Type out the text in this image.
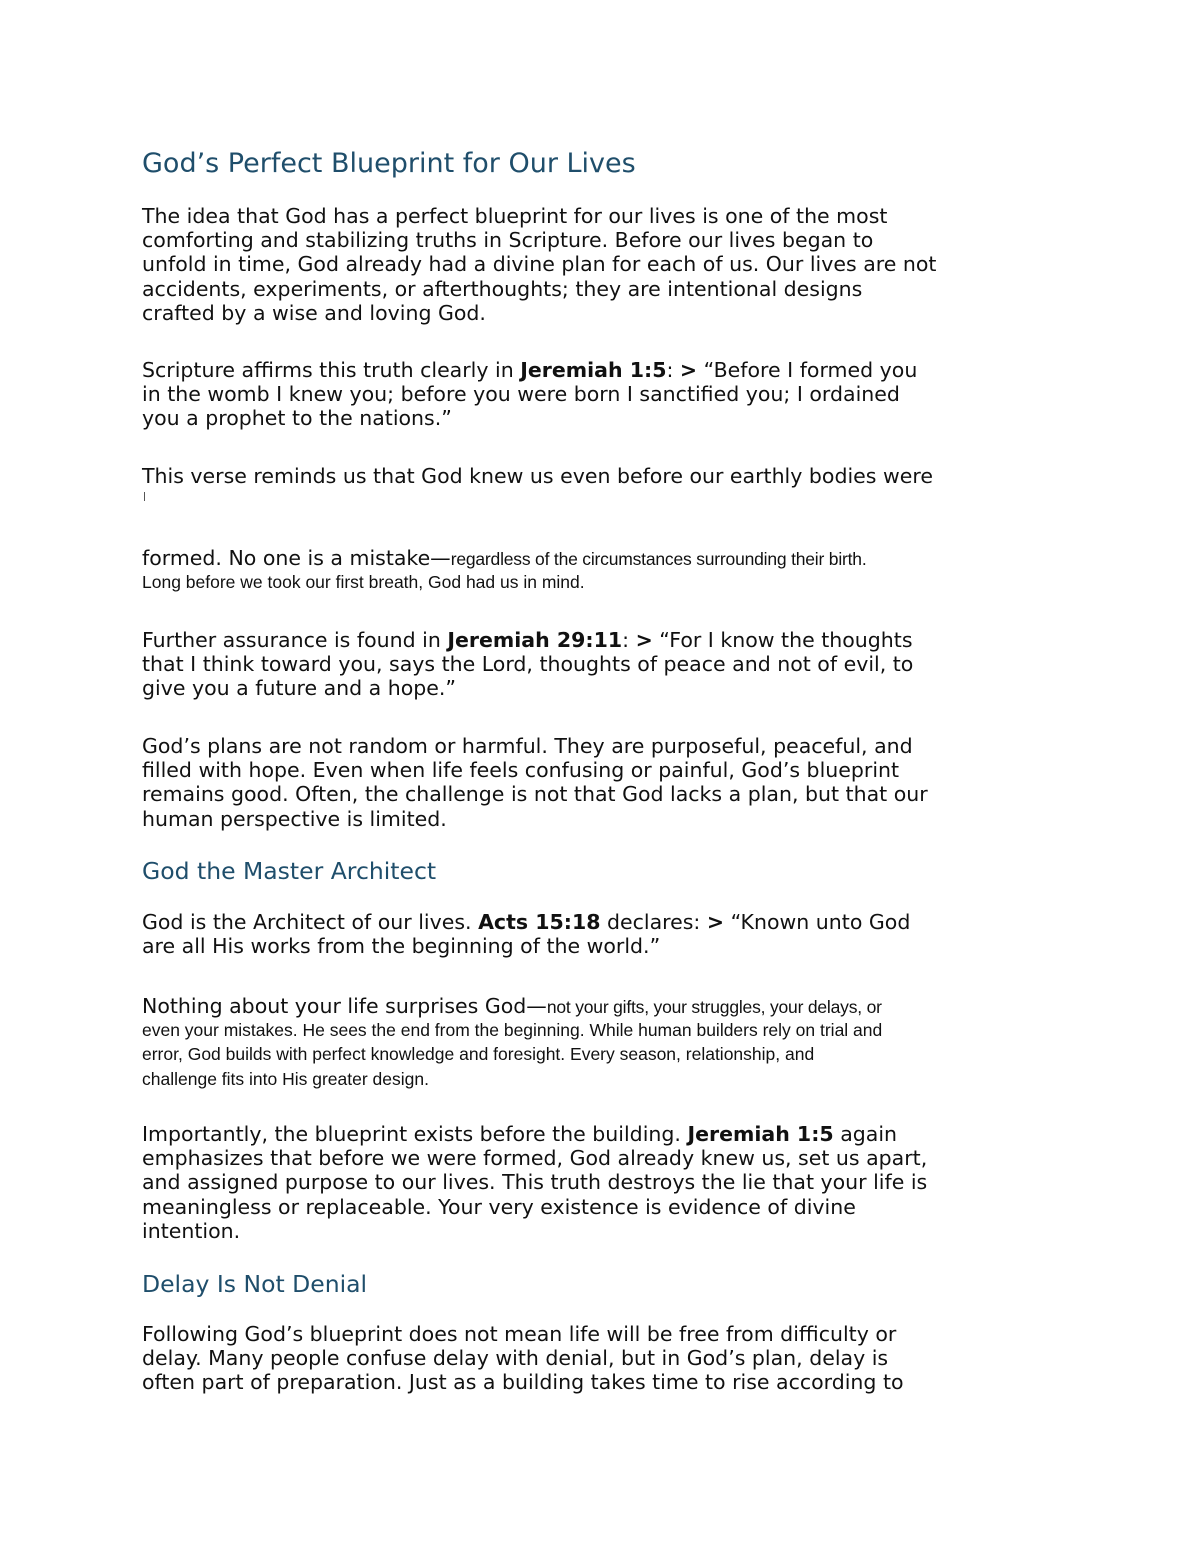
God’s Perfect Blueprint for Our Lives
The idea that God has a perfect blueprint for our lives is one of the most
comforting and stabilizing truths in Scripture. Before our lives began to
unfold in time, God already had a divine plan for each of us. Our lives are not
accidents, experiments, or afterthoughts; they are intentional designs
crafted by a wise and loving God.
Scripture affirms this truth clearly in Jeremiah 1:5: > “Before I formed you
in the womb I knew you; before you were born I sanctified you; I ordained
you a prophet to the nations.”
This verse reminds us that God knew us even before our earthly bodies were
formed. No one is a mistake—regardless of the circumstances surrounding their birth.
Long before we took our first breath, God had us in mind.
Further assurance is found in Jeremiah 29:11: > “For I know the thoughts
that I think toward you, says the Lord, thoughts of peace and not of evil, to
give you a future and a hope.”
God’s plans are not random or harmful. They are purposeful, peaceful, and
filled with hope. Even when life feels confusing or painful, God’s blueprint
remains good. Often, the challenge is not that God lacks a plan, but that our
human perspective is limited.
God the Master Architect
God is the Architect of our lives. Acts 15:18 declares: > “Known unto God
are all His works from the beginning of the world.”
Nothing about your life surprises God—not your gifts, your struggles, your delays, or
even your mistakes. He sees the end from the beginning. While human builders rely on trial and
error, God builds with perfect knowledge and foresight. Every season, relationship, and
challenge fits into His greater design.
Importantly, the blueprint exists before the building. Jeremiah 1:5 again
emphasizes that before we were formed, God already knew us, set us apart,
and assigned purpose to our lives. This truth destroys the lie that your life is
meaningless or replaceable. Your very existence is evidence of divine
intention.
Delay Is Not Denial
Following God’s blueprint does not mean life will be free from difficulty or
delay. Many people confuse delay with denial, but in God’s plan, delay is
often part of preparation. Just as a building takes time to rise according to
